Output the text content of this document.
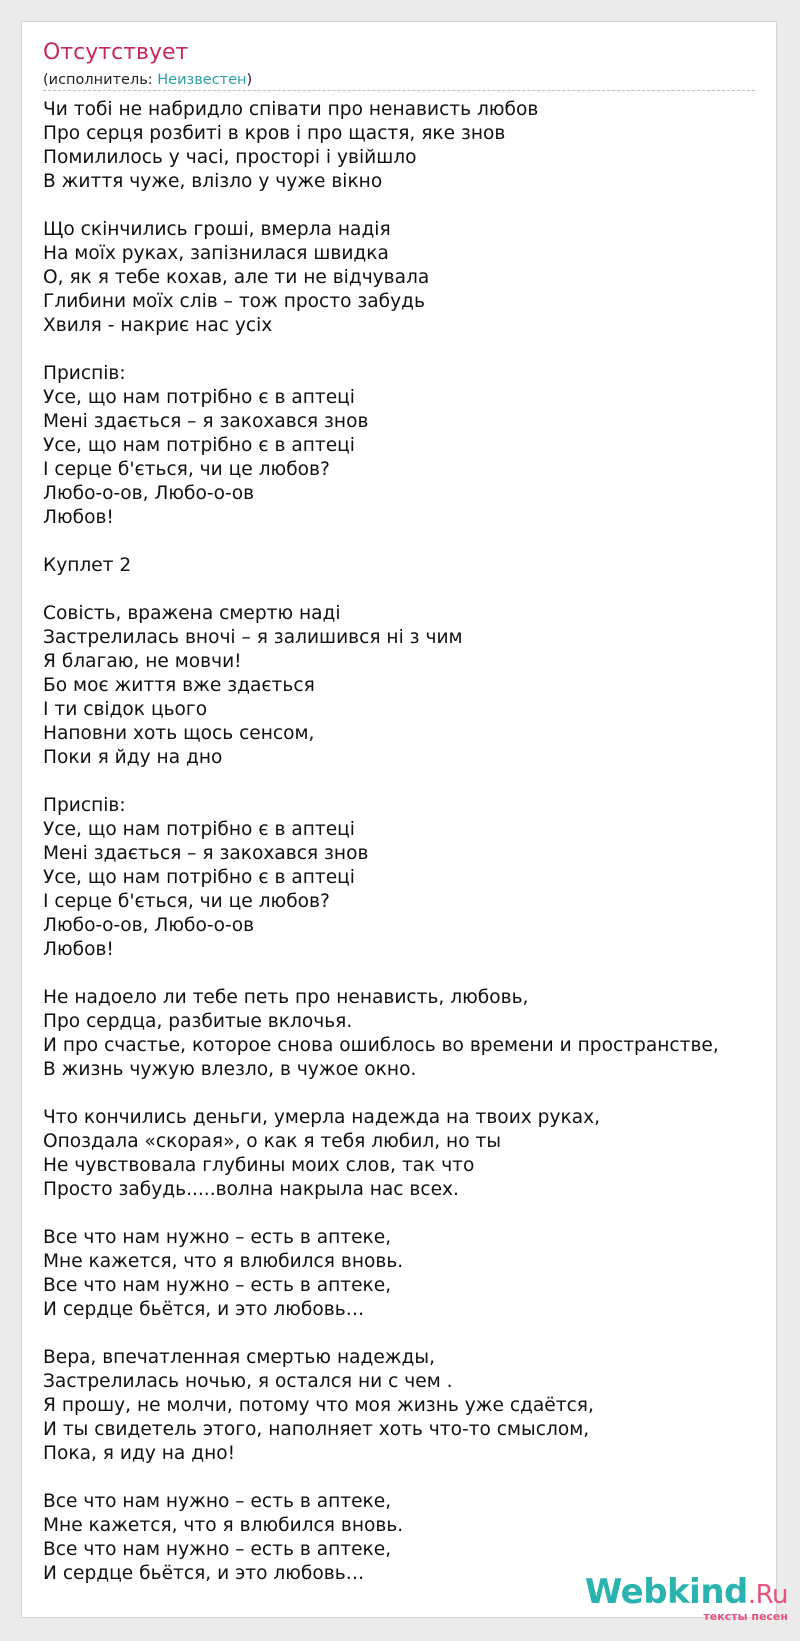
Отсутствует
(исполнитель: Неизвестен)
Чи тобі не набридло співати про ненависть любов
Про серця розбиті в кров і про щастя, яке знов
Помилилось у часі, просторі і увійшло
В життя чуже, влізло у чуже вікно
Що скінчились гроші, вмерла надія
На моїх руках, запізнилася швидка
О, як я тебе кохав, але ти не відчувала
Глибини моїх слів – тож просто забудь
Хвиля - накриє нас усіх
Приспів:
Усе, що нам потрібно є в аптеці
Мені здається – я закохався знов
Усе, що нам потрібно є в аптеці
І серце б'ється, чи це любов?
Любо-о-ов, Любо-о-ов
Любов!
Куплет 2
Совість, вражена смертю наді
Застрелилась вночі – я залишився ні з чим
Я благаю, не мовчи!
Бо моє життя вже здається
І ти свідок цього
Наповни хоть щось сенсом,
Поки я йду на дно
Приспів:
Усе, що нам потрібно є в аптеці
Мені здається – я закохався знов
Усе, що нам потрібно є в аптеці
І серце б'ється, чи це любов?
Любо-о-ов, Любо-о-ов
Любов!
Не надоело ли тебе петь про ненависть, любовь,
Про сердца, разбитые вклочья.
И про счастье, которое снова ошиблось во времени и пространстве,
В жизнь чужую влезло, в чужое окно.
Что кончились деньги, умерла надежда на твоих руках,
Опоздала «скорая», о как я тебя любил, но ты
Не чувствовала глубины моих слов, так что
Просто забудь.....волна накрыла нас всех.
Все что нам нужно – есть в аптеке,
Мне кажется, что я влюбился вновь.
Все что нам нужно – есть в аптеке,
И сердце бьётся, и это любовь…
Вера, впечатленная смертью надежды,
Застрелилась ночью, я остался ни с чем .
Я прошу, не молчи, потому что моя жизнь уже сдаётся,
И ты свидетель этого, наполняет хоть что-то смыслом,
Пока, я иду на дно!
Все что нам нужно – есть в аптеке,
Мне кажется, что я влюбился вновь.
Все что нам нужно – есть в аптеке,
И сердце бьётся, и это любовь…	Webkind.Ru
тексты песен
